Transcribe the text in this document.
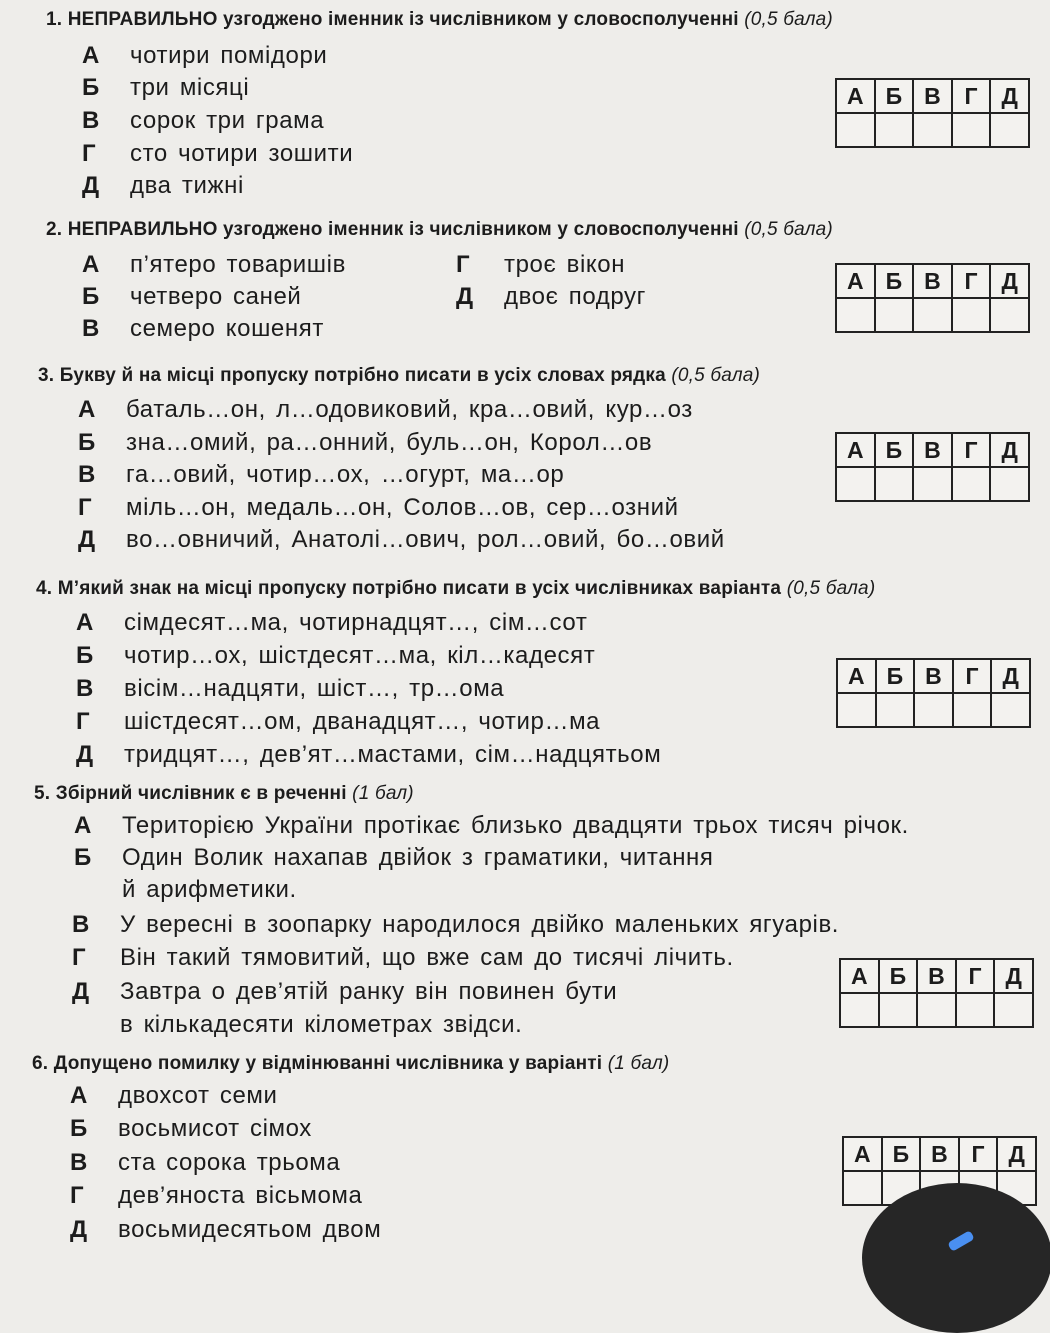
1. НЕПРАВИЛЬНО узгоджено іменник із числівником у словосполученні (0,5 бала)
А чотири помідори
Б три місяці
В сорок три грама
Г сто чотири зошити
Д два тижні
А	Б	В	Г	Д

2. НЕПРАВИЛЬНО узгоджено іменник із числівником у словосполученні (0,5 бала)
А п’ятеро товаришів
Б четверо саней
В семеро кошенят
Г троє вікон
Д двоє подруг
А	Б	В	Г	Д

3. Букву й на місці пропуску потрібно писати в усіх словах рядка (0,5 бала)
А баталь…он, л…одовиковий, кра…овий, кур…оз
Б зна…омий, ра…онний, буль…он, Корол…ов
В га…овий, чотир…ох, …огурт, ма…ор
Г міль…он, медаль…он, Солов…ов, сер…озний
Д во…овничий, Анатолі…ович, рол…овий, бо…овий
А	Б	В	Г	Д

4. М’який знак на місці пропуску потрібно писати в усіх числівниках варіанта (0,5 бала)
А сімдесят…ма, чотирнадцят…, сім…сот
Б чотир…ох, шістдесят…ма, кіл…кадесят
В вісім…надцяти, шіст…, тр…ома
Г шістдесят…ом, дванадцят…, чотир…ма
Д тридцят…, дев’ят…мастами, сім…надцятьом
А	Б	В	Г	Д

5. Збірний числівник є в реченні (1 бал)
А Територією України протікає близько двадцяти трьох тисяч річок.
Б Один Волик нахапав двійок з граматики, читання
й арифметики.
В У вересні в зоопарку народилося двійко маленьких ягуарів.
Г Він такий тямовитий, що вже сам до тисячі лічить.
Д Завтра о дев’ятій ранку він повинен бути
в кількадесяти кілометрах звідси.
А	Б	В	Г	Д

6. Допущено помилку у відмінюванні числівника у варіанті (1 бал)
А двохсот семи
Б восьмисот сімох
В ста сорока трьома
Г дев’яноста вісьмома
Д восьмидесятьом двом
А	Б	В	Г	Д
